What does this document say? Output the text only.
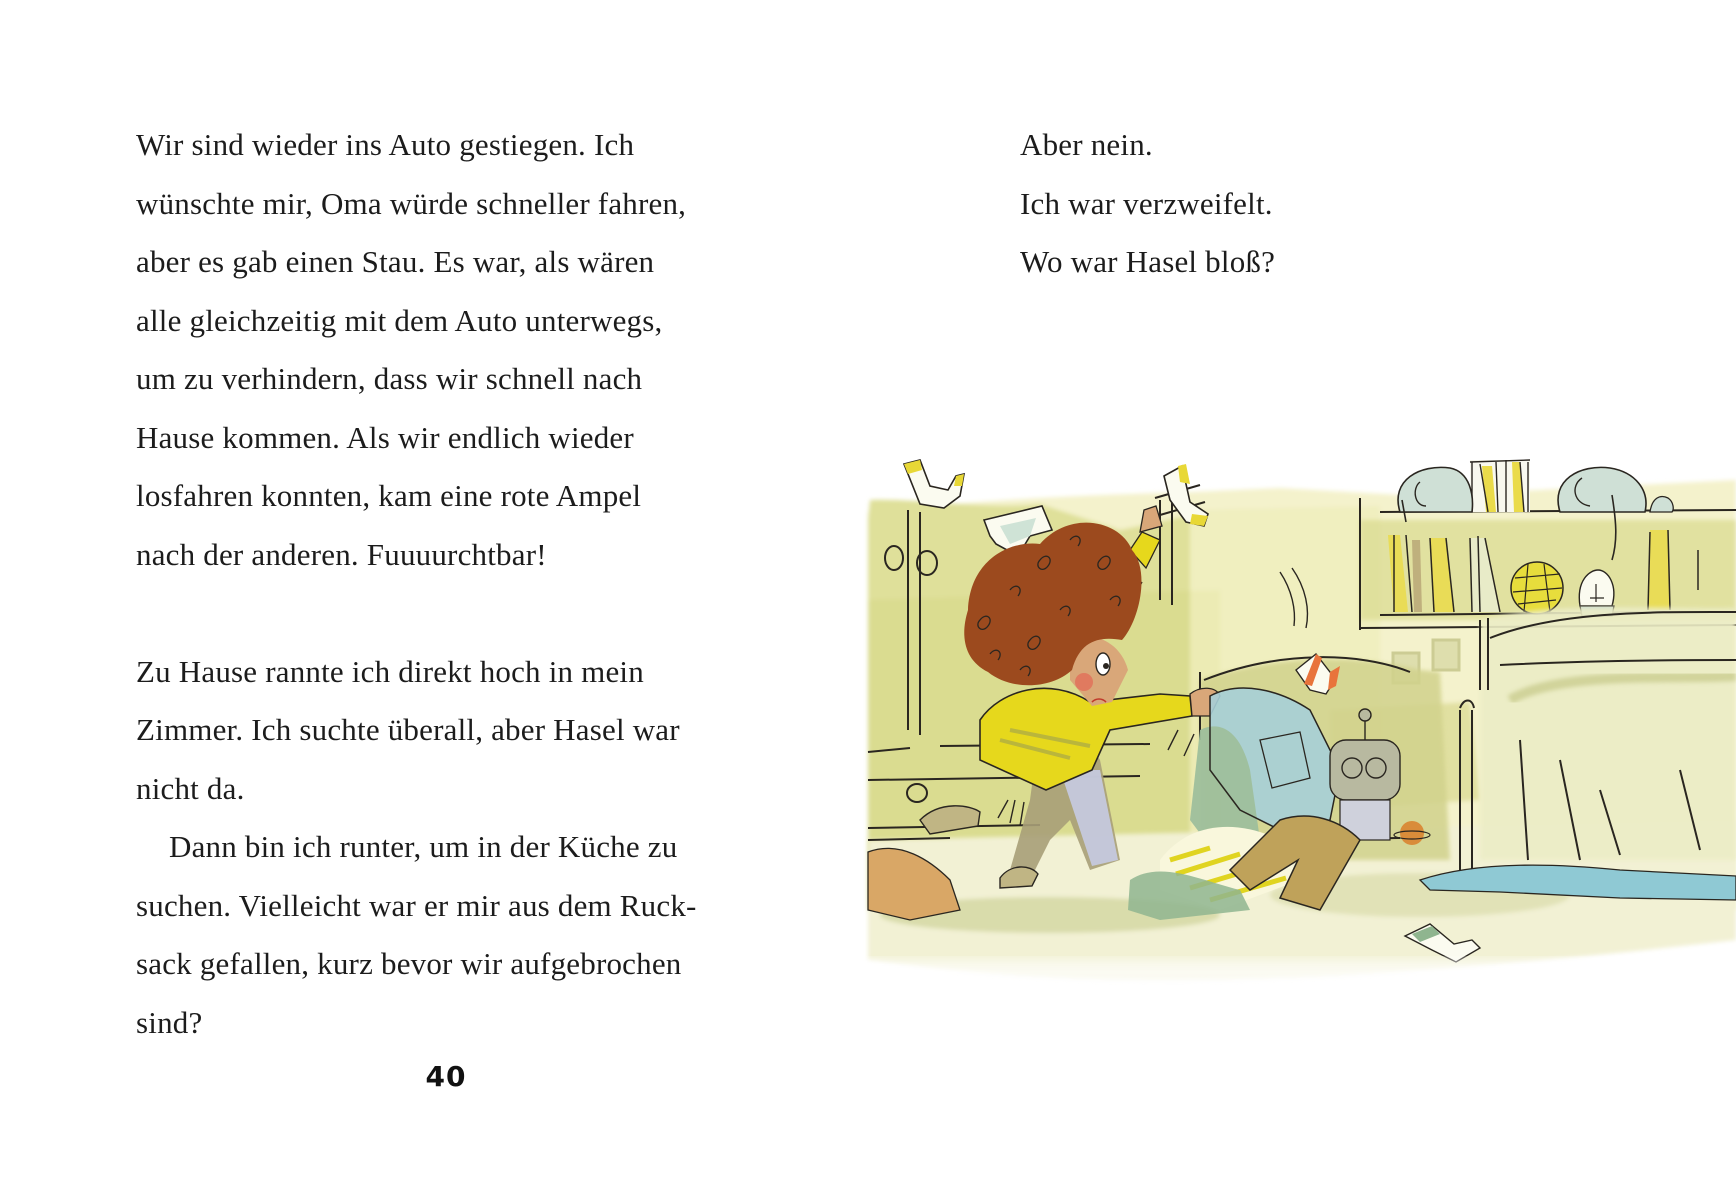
Wir sind wieder ins Auto gestiegen. Ich
wünschte mir, Oma würde schneller fahren,
aber es gab einen Stau. Es war, als wären
alle gleichzeitig mit dem Auto unterwegs,
um zu verhindern, dass wir schnell nach
Hause kommen. Als wir endlich wieder
losfahren konnten, kam eine rote Ampel
nach der anderen. Fuuuurchtbar!
Zu Hause rannte ich direkt hoch in mein
Zimmer. Ich suchte überall, aber Hasel war
nicht da.
Dann bin ich runter, um in der Küche zu
suchen. Vielleicht war er mir aus dem Ruck-
sack gefallen, kurz bevor wir aufgebrochen
sind?
40
Aber nein.
Ich war verzweifelt.
Wo war Hasel bloß?
